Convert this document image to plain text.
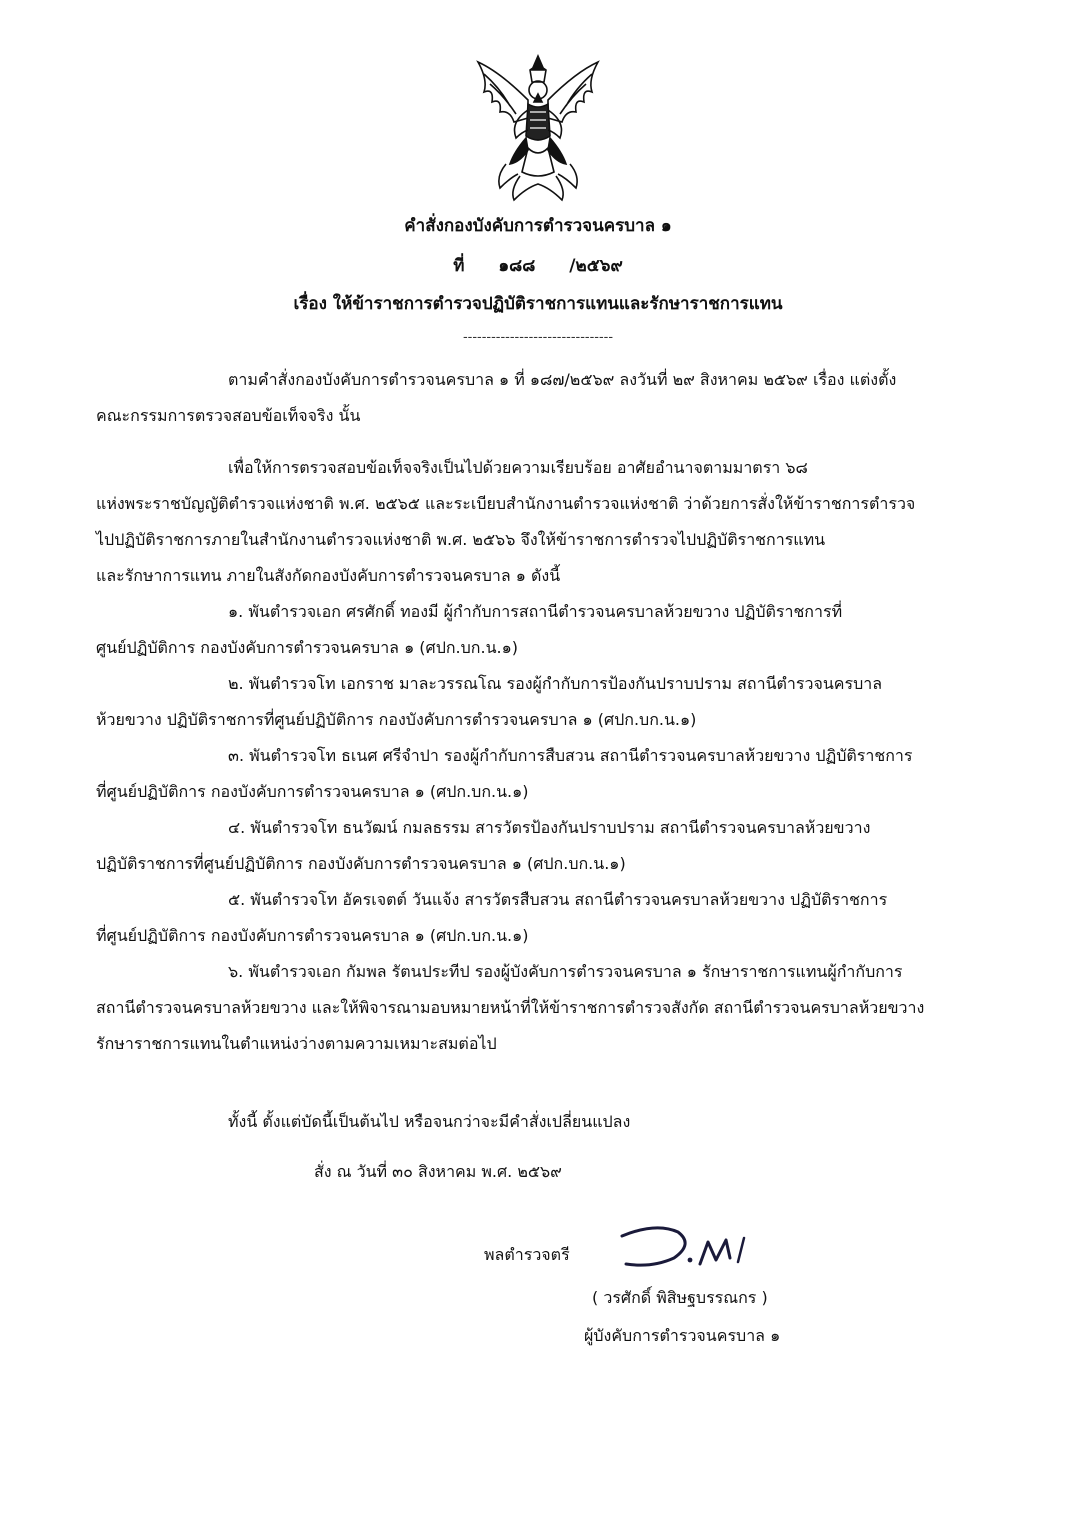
คำสั่งกองบังคับการตำรวจนครบาล ๑
ที่ ๑๘๘ /๒๕๖๙
เรื่อง ให้ข้าราชการตำรวจปฏิบัติราชการแทนและรักษาราชการแทน
--------------------------------
ตามคำสั่งกองบังคับการตำรวจนครบาล ๑ ที่ ๑๘๗/๒๕๖๙ ลงวันที่ ๒๙ สิงหาคม ๒๕๖๙ เรื่อง แต่งตั้ง
คณะกรรมการตรวจสอบข้อเท็จจริง นั้น
เพื่อให้การตรวจสอบข้อเท็จจริงเป็นไปด้วยความเรียบร้อย อาศัยอำนาจตามมาตรา ๖๘
แห่งพระราชบัญญัติตำรวจแห่งชาติ พ.ศ. ๒๕๖๕ และระเบียบสำนักงานตำรวจแห่งชาติ ว่าด้วยการสั่งให้ข้าราชการตำรวจ
ไปปฏิบัติราชการภายในสำนักงานตำรวจแห่งชาติ พ.ศ. ๒๕๖๖ จึงให้ข้าราชการตำรวจไปปฏิบัติราชการแทน
และรักษาการแทน ภายในสังกัดกองบังคับการตำรวจนครบาล ๑ ดังนี้
๑. พันตำรวจเอก ศรศักดิ์ ทองมี ผู้กำกับการสถานีตำรวจนครบาลห้วยขวาง ปฏิบัติราชการที่
ศูนย์ปฏิบัติการ กองบังคับการตำรวจนครบาล ๑ (ศปก.บก.น.๑)
๒. พันตำรวจโท เอกราช มาละวรรณโณ รองผู้กำกับการป้องกันปราบปราม สถานีตำรวจนครบาล
ห้วยขวาง ปฏิบัติราชการที่ศูนย์ปฏิบัติการ กองบังคับการตำรวจนครบาล ๑ (ศปก.บก.น.๑)
๓. พันตำรวจโท ธเนศ ศรีจำปา รองผู้กำกับการสืบสวน สถานีตำรวจนครบาลห้วยขวาง ปฏิบัติราชการ
ที่ศูนย์ปฏิบัติการ กองบังคับการตำรวจนครบาล ๑ (ศปก.บก.น.๑)
๔. พันตำรวจโท ธนวัฒน์ กมลธรรม สารวัตรป้องกันปราบปราม สถานีตำรวจนครบาลห้วยขวาง
ปฏิบัติราชการที่ศูนย์ปฏิบัติการ กองบังคับการตำรวจนครบาล ๑ (ศปก.บก.น.๑)
๕. พันตำรวจโท อัครเจตต์ วันแจ้ง สารวัตรสืบสวน สถานีตำรวจนครบาลห้วยขวาง ปฏิบัติราชการ
ที่ศูนย์ปฏิบัติการ กองบังคับการตำรวจนครบาล ๑ (ศปก.บก.น.๑)
๖. พันตำรวจเอก กัมพล รัตนประทีป รองผู้บังคับการตำรวจนครบาล ๑ รักษาราชการแทนผู้กำกับการ
สถานีตำรวจนครบาลห้วยขวาง และให้พิจารณามอบหมายหน้าที่ให้ข้าราชการตำรวจสังกัด สถานีตำรวจนครบาลห้วยขวาง
รักษาราชการแทนในตำแหน่งว่างตามความเหมาะสมต่อไป
ทั้งนี้ ตั้งแต่บัดนี้เป็นต้นไป หรือจนกว่าจะมีคำสั่งเปลี่ยนแปลง
สั่ง ณ วันที่ ๓๐ สิงหาคม พ.ศ. ๒๕๖๙
พลตำรวจตรี
( วรศักดิ์ พิสิษฐบรรณกร )
ผู้บังคับการตำรวจนครบาล ๑
